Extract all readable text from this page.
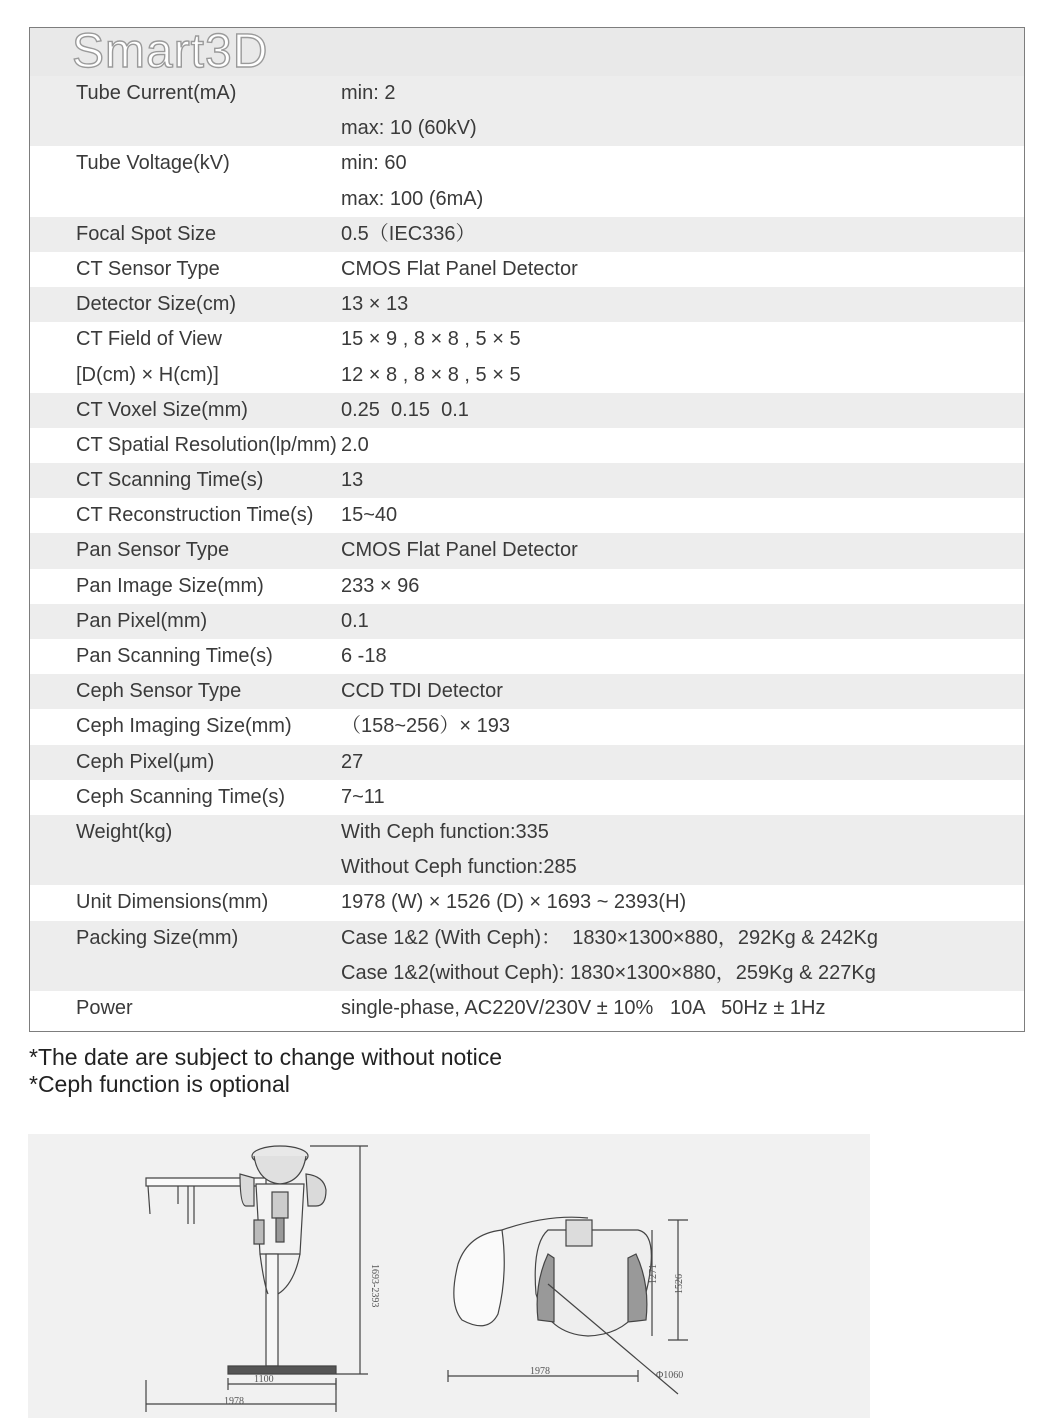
Smart3D
Tube Current(mA)	min: 2
max: 10 (60kV)
Tube Voltage(kV)	min: 60
max: 100 (6mA)
Focal Spot Size	0.5（IEC336）
CT Sensor Type	CMOS Flat Panel Detector
Detector Size(cm)	13 × 13
CT Field of View	15 × 9 , 8 × 8 , 5 × 5
[D(cm) × H(cm)]	12 × 8 , 8 × 8 , 5 × 5
CT Voxel Size(mm)	0.25  0.15  0.1
CT Spatial Resolution(lp/mm) 2.0
CT Scanning Time(s)	13
CT Reconstruction Time(s)	15~40
Pan Sensor Type	CMOS Flat Panel Detector
Pan Image Size(mm)	233 × 96
Pan Pixel(mm)	0.1
Pan Scanning Time(s)	6 -18
Ceph Sensor Type	CCD TDI Detector
Ceph Imaging Size(mm)	（158~256）× 193
Ceph Pixel(μm)	27
Ceph Scanning Time(s)	7~11
Weight(kg)	With Ceph function:335
Without Ceph function:285
Unit Dimensions(mm)	1978 (W) × 1526 (D) × 1693 ~ 2393(H)
Packing Size(mm)	Case 1&2 (With Ceph)：  1830×1300×880，292Kg & 242Kg
Case 1&2(without Ceph): 1830×1300×880，259Kg & 227Kg
Power	single-phase, AC220V/230V ± 10%   10A   50Hz ± 1Hz
*The date are subject to change without notice
*Ceph function is optional
1100
1978
1693-2393	1271 1526
1978	Φ1060
